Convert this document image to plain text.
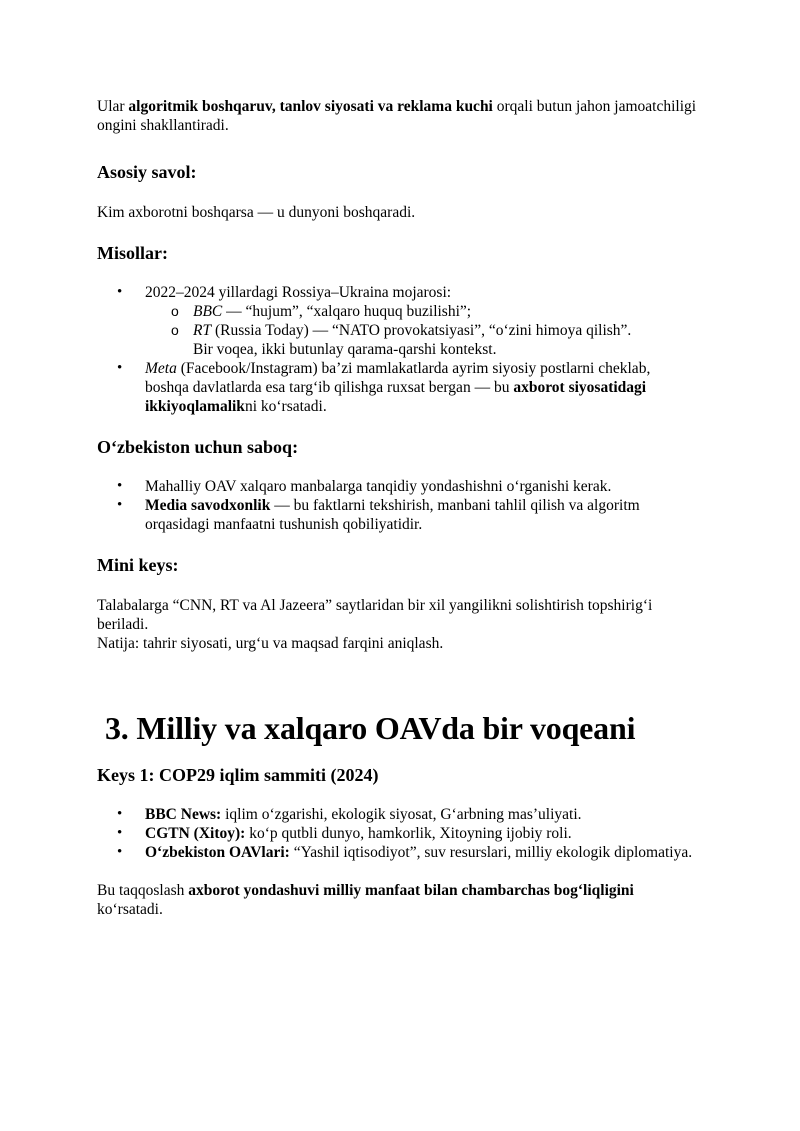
Ular algoritmik boshqaruv, tanlov siyosati va reklama kuchi orqali butun jahon jamoatchiligi ongini shakllantiradi.

Asosiy savol:

Kim axborotni boshqarsa — u dunyoni boshqaradi.

Misollar:

• 2022–2024 yillardagi Rossiya–Ukraina mojarosi:
o BBC — “hujum”, “xalqaro huquq buzilishi”;
o RT (Russia Today) — “NATO provokatsiyasi”, “oʻzini himoya qilish”.
Bir voqea, ikki butunlay qarama-qarshi kontekst.
• Meta (Facebook/Instagram) ba’zi mamlakatlarda ayrim siyosiy postlarni cheklab, boshqa davlatlarda esa targʻib qilishga ruxsat bergan — bu axborot siyosatidagi ikkiyoqlamalikni koʻrsatadi.

Oʻzbekiston uchun saboq:

• Mahalliy OAV xalqaro manbalarga tanqidiy yondashishni oʻrganishi kerak.
• Media savodxonlik — bu faktlarni tekshirish, manbani tahlil qilish va algoritm orqasidagi manfaatni tushunish qobiliyatidir.

Mini keys:

Talabalarga “CNN, RT va Al Jazeera” saytlaridan bir xil yangilikni solishtirish topshirigʻi beriladi.

Natija: tahrir siyosati, urgʻu va maqsad farqini aniqlash.

3. Milliy va xalqaro OAVda bir voqeani

Keys 1: COP29 iqlim sammiti (2024)

• BBC News: iqlim oʻzgarishi, ekologik siyosat, Gʻarbning mas’uliyati.
• CGTN (Xitoy): koʻp qutbli dunyo, hamkorlik, Xitoyning ijobiy roli.
• Oʻzbekiston OAVlari: “Yashil iqtisodiyot”, suv resurslari, milliy ekologik diplomatiya.

Bu taqqoslash axborot yondashuvi milliy manfaat bilan chambarchas bogʻliqligini koʻrsatadi.
